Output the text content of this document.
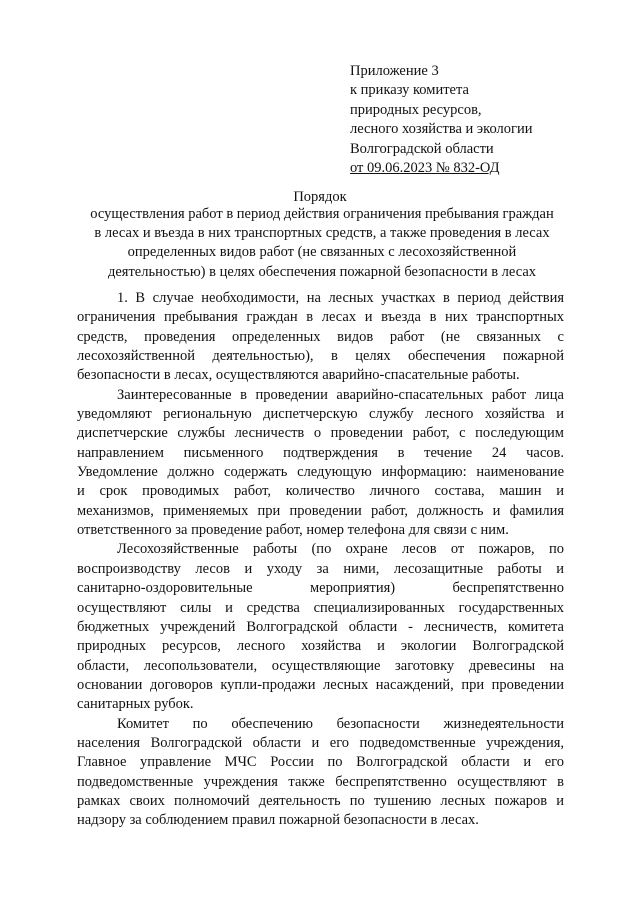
Приложение 3
к приказу комитета
природных ресурсов,
лесного хозяйства и экологии
Волгоградской области
от 09.06.2023 № 832-ОД
Порядок
осуществления работ в период действия ограничения пребывания граждан
в лесах и въезда в них транспортных средств, а также проведения в лесах
определенных видов работ (не связанных с лесохозяйственной
деятельностью) в целях обеспечения пожарной безопасности в лесах
1. В случае необходимости, на лесных участках в период действия
ограничения пребывания граждан в лесах и въезда в них транспортных
средств, проведения определенных видов работ (не связанных с
лесохозяйственной деятельностью), в целях обеспечения пожарной
безопасности в лесах, осуществляются аварийно-спасательные работы.
Заинтересованные в проведении аварийно-спасательных работ лица
уведомляют региональную диспетчерскую службу лесного хозяйства и
диспетчерские службы лесничеств о проведении работ, с последующим
направлением письменного подтверждения в течение 24 часов.
Уведомление должно содержать следующую информацию: наименование
и срок проводимых работ, количество личного состава, машин и
механизмов, применяемых при проведении работ, должность и фамилия
ответственного за проведение работ, номер телефона для связи с ним.
Лесохозяйственные работы (по охране лесов от пожаров, по
воспроизводству лесов и уходу за ними, лесозащитные работы и
санитарно-оздоровительные мероприятия) беспрепятственно
осуществляют силы и средства специализированных государственных
бюджетных учреждений Волгоградской области - лесничеств, комитета
природных ресурсов, лесного хозяйства и экологии Волгоградской
области, лесопользователи, осуществляющие заготовку древесины на
основании договоров купли-продажи лесных насаждений, при проведении
санитарных рубок.
Комитет по обеспечению безопасности жизнедеятельности
населения Волгоградской области и его подведомственные учреждения,
Главное управление МЧС России по Волгоградской области и его
подведомственные учреждения также беспрепятственно осуществляют в
рамках своих полномочий деятельность по тушению лесных пожаров и
надзору за соблюдением правил пожарной безопасности в лесах.
